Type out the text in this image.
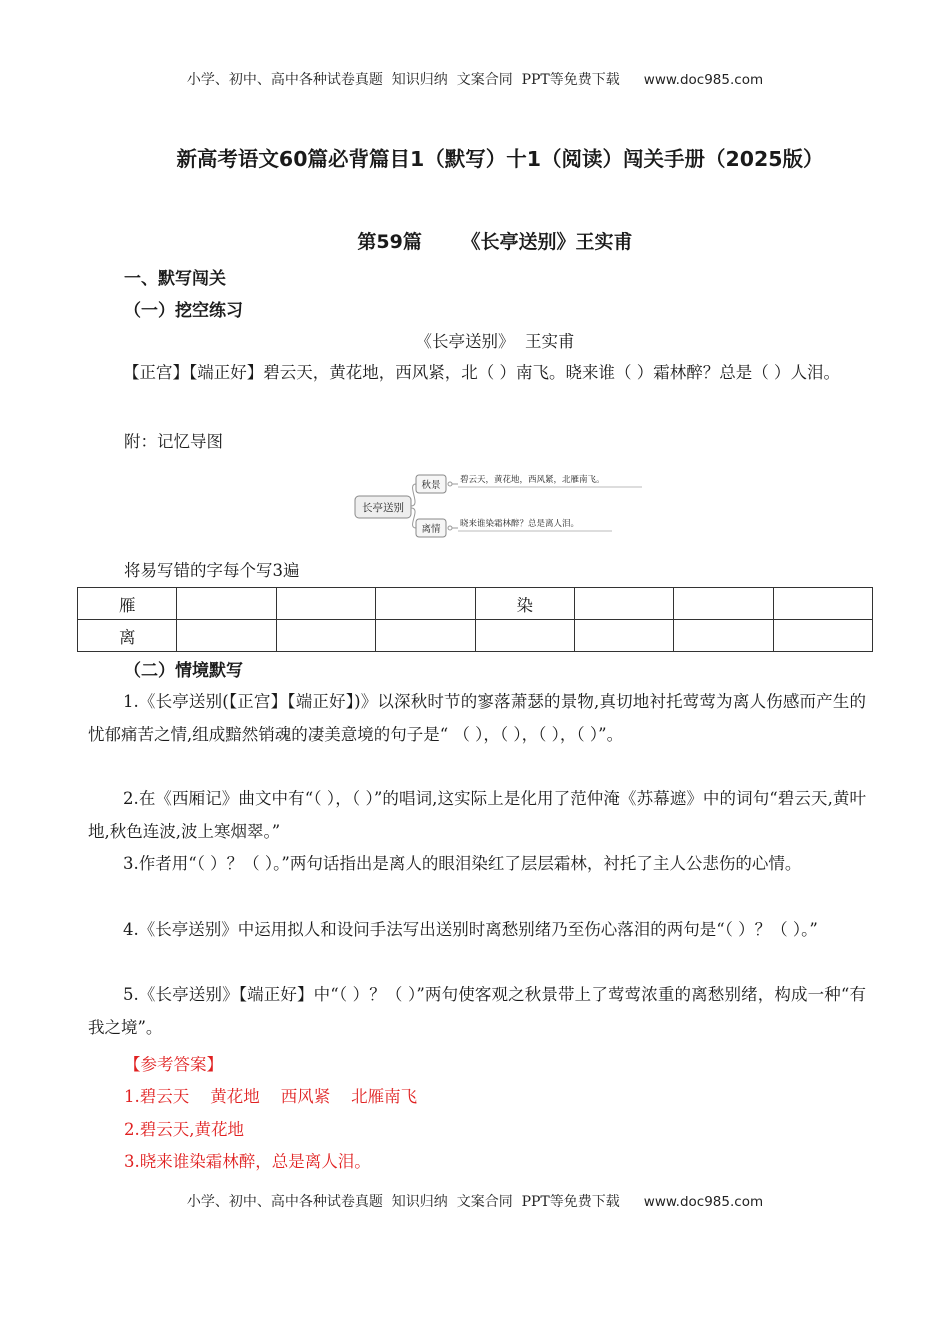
小学、初中、高中各种试卷真题  知识归纳  文案合同  PPT等免费下载 www.doc985.com
新高考语文60篇必背篇目1（默写）十1（阅读）闯关手册（2025版）
第59篇      《长亭送别》王实甫
一、默写闯关
（一）挖空练习
《长亭送别》  王实甫

【正宫】【端正好】碧云天，黄花地，西风紧，北（ ）南飞。晓来谁（ ）霜林醉？总是（ ）人泪。

附：记忆导图
长亭送别
秋景 碧云天，黄花地，西风紧，北雁南飞。
离情 晓来谁染霜林醉？总是离人泪。
将易写错的字每个写3遍
雁				染			
离							
（二）情境默写

1.《长亭送别(【正宫】【端正好】)》以深秋时节的寥落萧瑟的景物,真切地衬托莺莺为离人伤感而产生的忧郁痛苦之情,组成黯然销魂的凄美意境的句子是“ （ ），（ ），（ ），（ ）”。

2.在《西厢记》曲文中有“（ ），（ ）”的唱词,这实际上是化用了范仲淹《苏幕遮》中的词句“碧云天,黄叶地,秋色连波,波上寒烟翠。”

3.作者用“（ ）？（ ）。”两句话指出是离人的眼泪染红了层层霜林，衬托了主人公悲伤的心情。

4.《长亭送别》中运用拟人和设问手法写出送别时离愁别绪乃至伤心落泪的两句是“（ ）？（ ）。”

5.《长亭送别》【端正好】中“（ ）？（ ）”两句使客观之秋景带上了莺莺浓重的离愁别绪，构成一种“有我之境”。

【参考答案】
1.碧云天    黄花地    西风紧    北雁南飞
2.碧云天,黄花地
3.晓来谁染霜林醉，总是离人泪。
小学、初中、高中各种试卷真题  知识归纳  文案合同  PPT等免费下载 www.doc985.com
